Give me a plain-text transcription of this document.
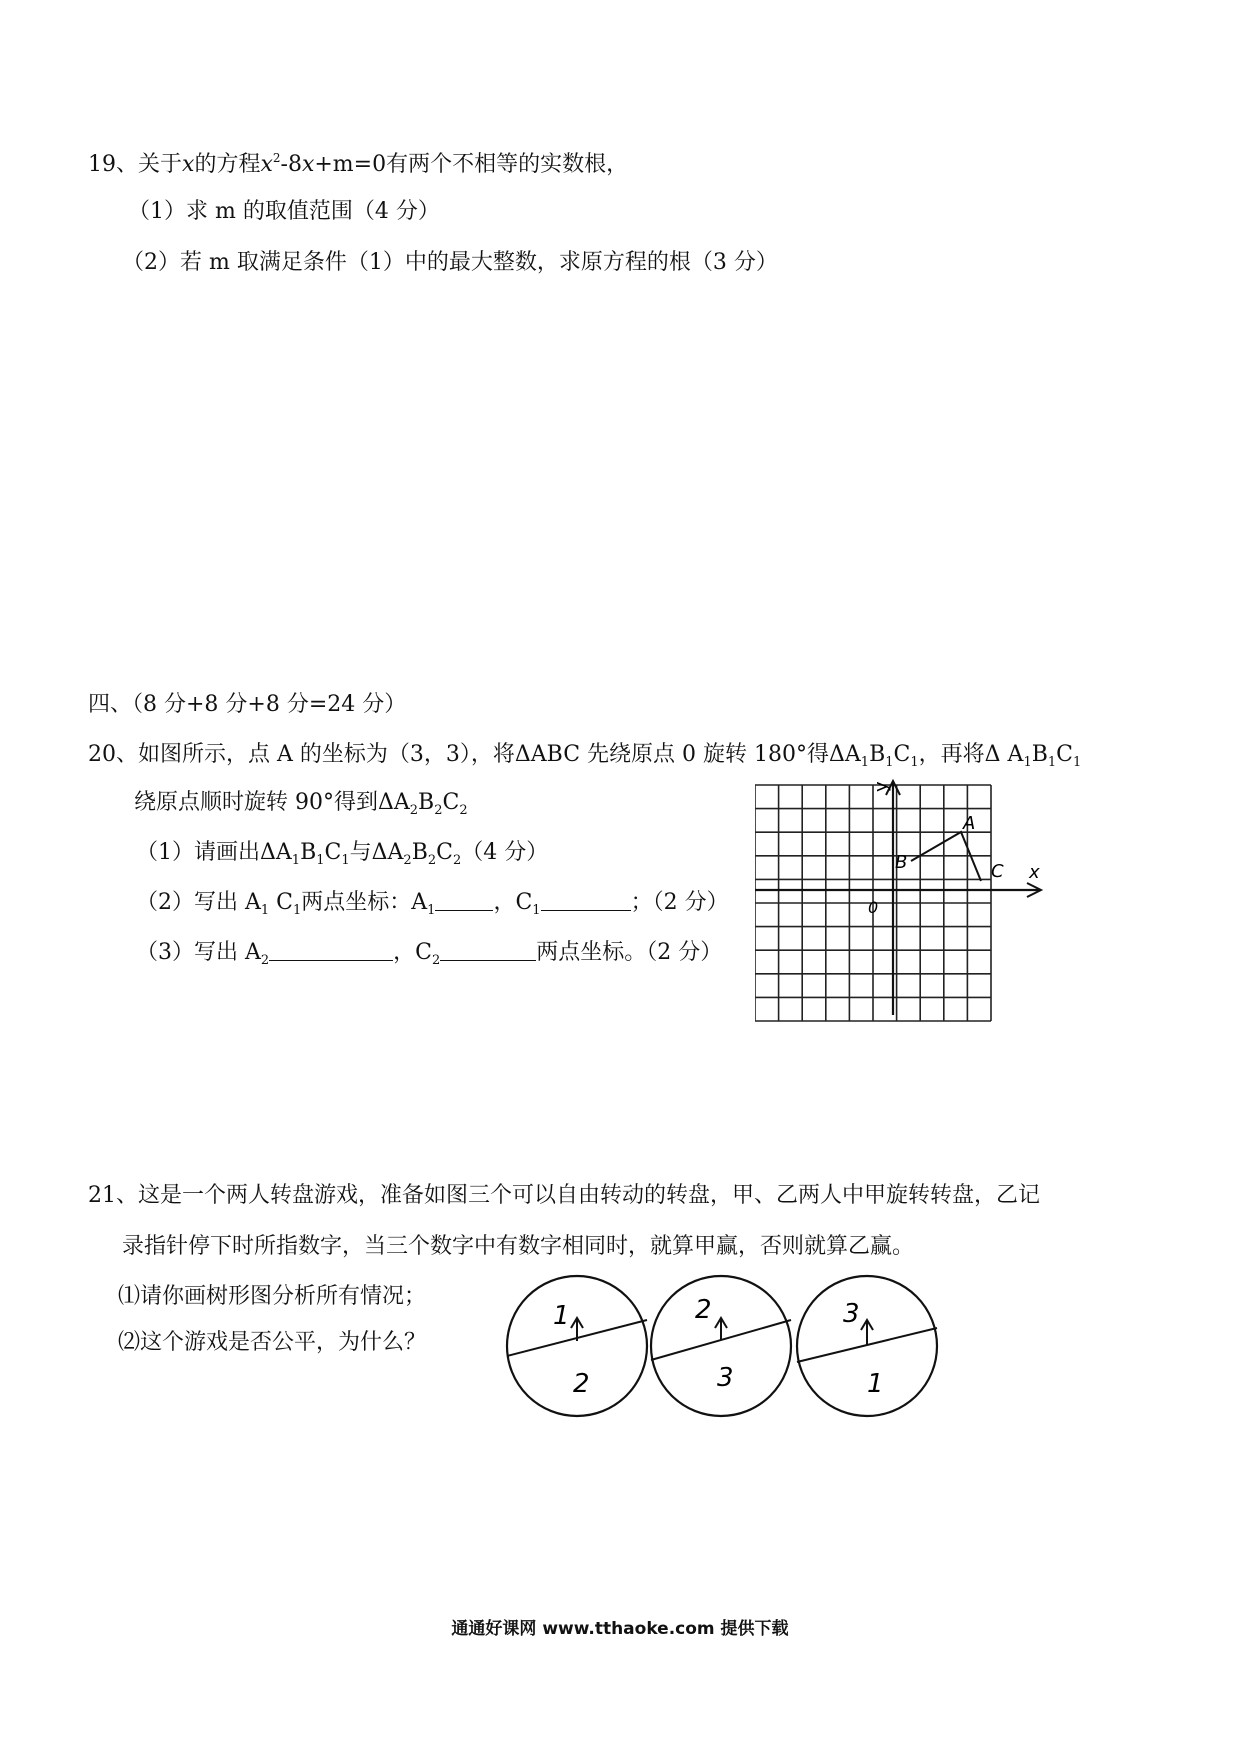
19、关于x的方程$x^2-8x+m=0$有两个不相等的实数根，
（1）求 m 的取值范围（4 分）
（2）若 m 取满足条件（1）中的最大整数，求原方程的根（3 分）
四、（8 分+8 分+8 分=24 分）
20、如图所示，点 A 的坐标为（3，3），将ΔABC 先绕原点 0 旋转 180°得$\Delta A_1B_1C_1$，再将Δ $A_1B_1C_1$
绕原点顺时旋转 90°得到$\Delta A_2B_2C_2$
（1）请画出$\Delta A_1B_1C_1$与$\Delta A_2B_2C_2(4$ 分）
（2）写出 $A_1$ $C_1$两点坐标：$A_1$	，$C_1$	；（2 分）
（3）写出 $A_2$	，$C_2$	两点坐标。（2 分）
y
x
0
A
B	C
21、这是一个两人转盘游戏，准备如图三个可以自由转动的转盘，甲、乙两人中甲旋转转盘，乙记
录指针停下时所指数字，当三个数字中有数字相同时，就算甲赢，否则就算乙赢。
⑴请你画树形图分析所有情况；
⑵这个游戏是否公平，为什么？
1
2
2
3
3
1
通通好课网 www.tthaoke.com 提供下载
